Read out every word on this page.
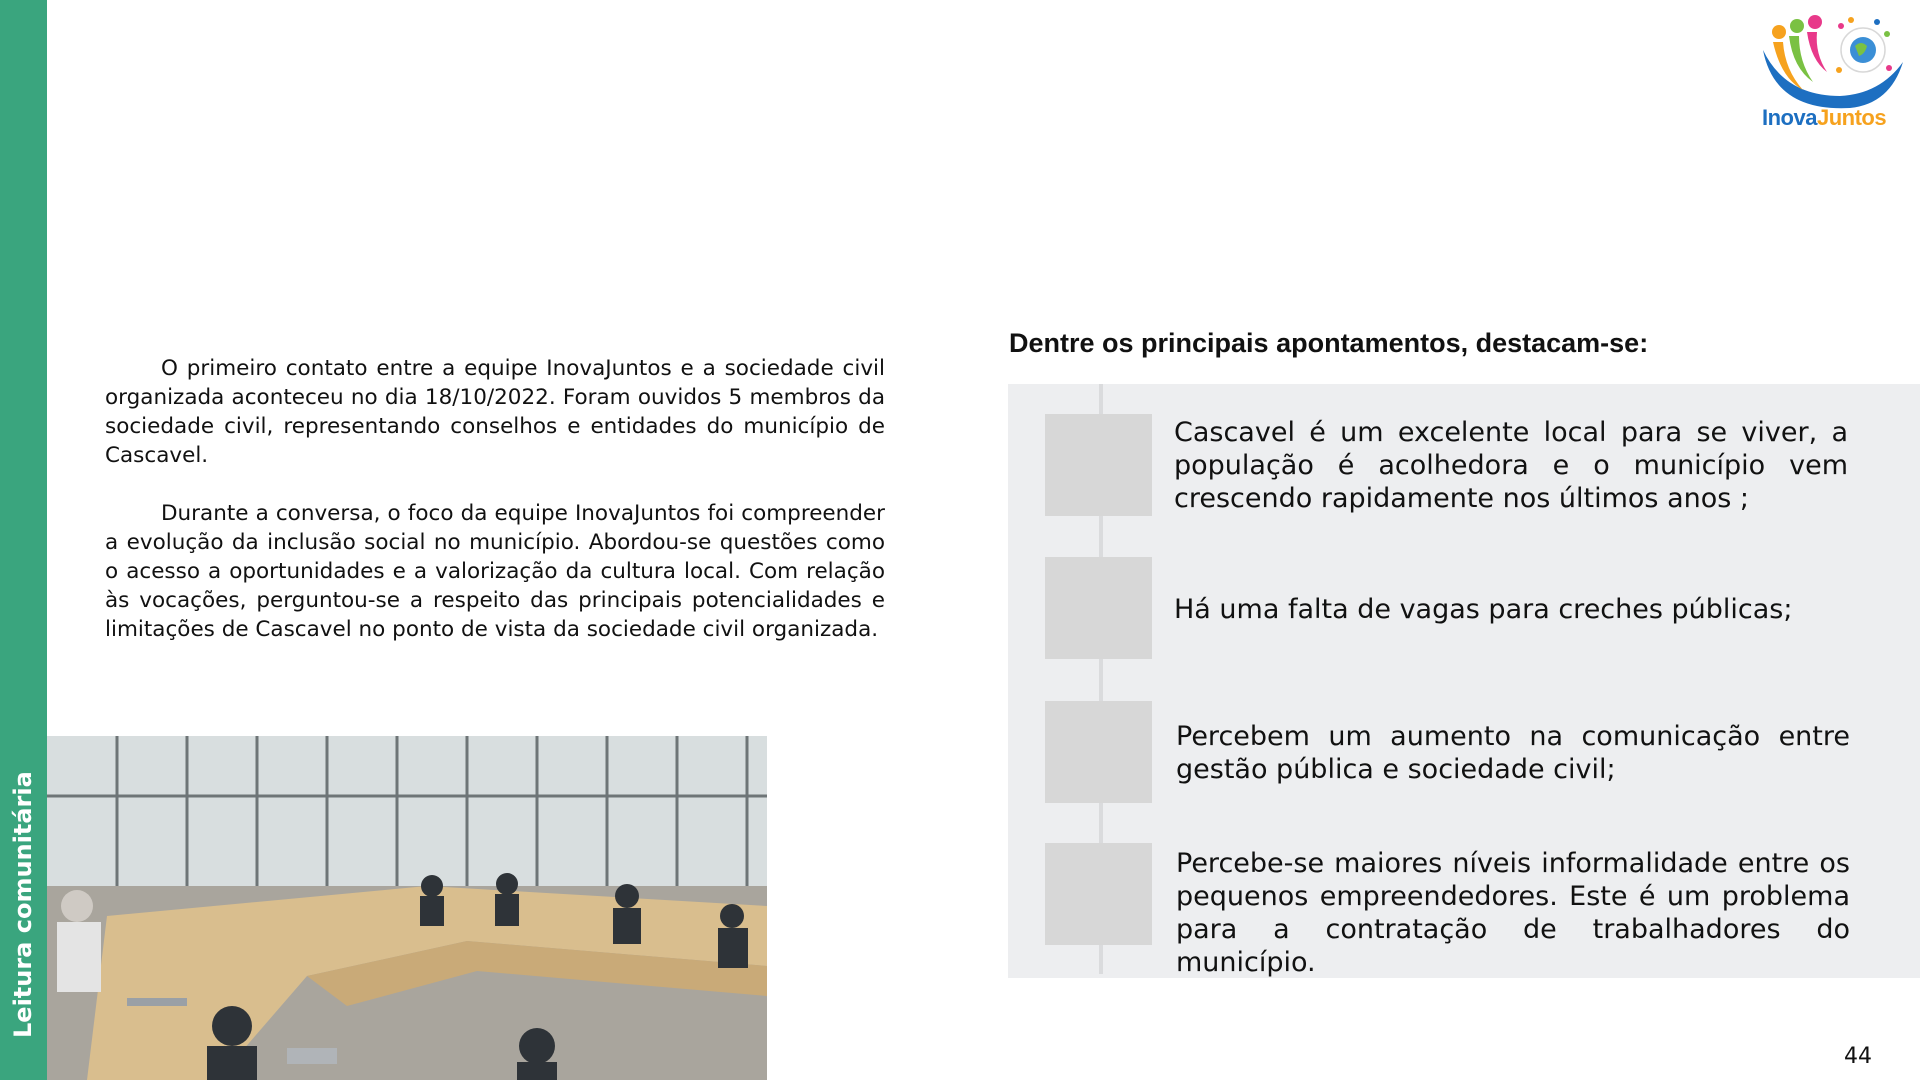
Leitura comunitária
InovaJuntos

O primeiro contato entre a equipe InovaJuntos e a sociedade civil organizada aconteceu no dia 18/10/2022. Foram ouvidos 5 membros da sociedade civil, representando conselhos e entidades do município de Cascavel.

Durante a conversa, o foco da equipe InovaJuntos foi compreender a evolução da inclusão social no município. Abordou-se questões como o acesso a oportunidades e a valorização da cultura local. Com relação às vocações, perguntou-se a respeito das principais potencialidades e limitações de Cascavel no ponto de vista da sociedade civil organizada.

Dentre os principais apontamentos, destacam-se:
Cascavel é um excelente local para se viver, a população é acolhedora e o município vem crescendo rapidamente nos últimos anos ;
Há uma falta de vagas para creches públicas;
Percebem um aumento na comunicação entre gestão pública e sociedade civil;
Percebe-se maiores níveis informalidade entre os pequenos empreendedores. Este é um problema para a contratação de trabalhadores do município.
44
